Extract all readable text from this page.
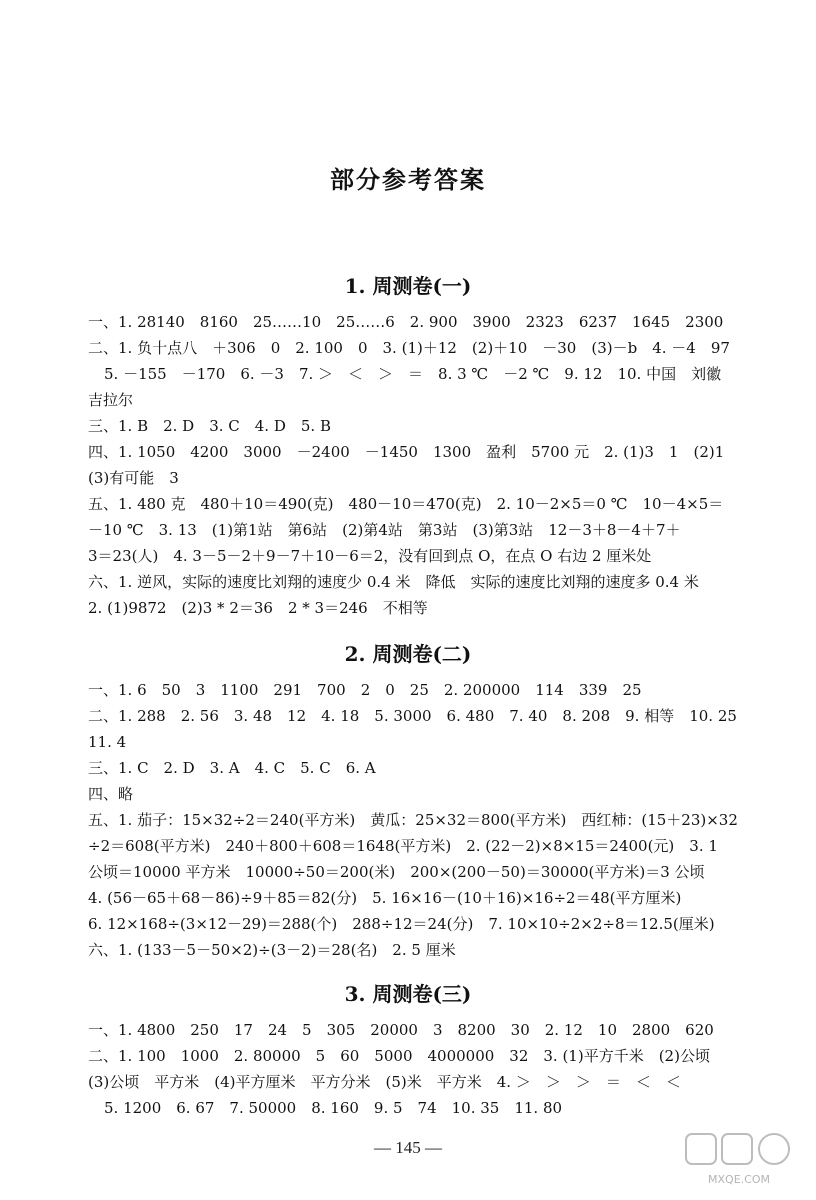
部分参考答案
1. 周测卷(一)
一、1. 28140　8160　25……10　25……6　2. 900　3900　2323　6237　1645　2300
二、1. 负十点八　＋306　0　2. 100　0　3. (1)＋12　(2)＋10　－30　(3)－b　4. －4　97
5. －155　－170　6. －3　7. ＞　＜　＞　＝　8. 3 ℃　－2 ℃　9. 12　10. 中国　刘徽
吉拉尔
三、1. B　2. D　3. C　4. D　5. B
四、1. 1050　4200　3000　－2400　－1450　1300　盈利　5700 元　2. (1)3　1　(2)1
(3)有可能　3
五、1. 480 克　480＋10＝490(克)　480－10＝470(克)　2. 10－2×5＝0 ℃　10－4×5＝
－10 ℃　3. 13　(1)第1站　第6站　(2)第4站　第3站　(3)第3站　12－3＋8－4＋7＋
3＝23(人)　4. 3－5－2＋9－7＋10－6＝2，没有回到点 O，在点 O 右边 2 厘米处
六、1. 逆风，实际的速度比刘翔的速度少 0.4 米　降低　实际的速度比刘翔的速度多 0.4 米
2. (1)9872　(2)3 * 2＝36　2 * 3＝246　不相等
2. 周测卷(二)
一、1. 6　50　3　1100　291　700　2　0　25　2. 200000　114　339　25
二、1. 288　2. 56　3. 48　12　4. 18　5. 3000　6. 480　7. 40　8. 208　9. 相等　10. 25
11. 4
三、1. C　2. D　3. A　4. C　5. C　6. A
四、略
五、1. 茄子：15×32÷2＝240(平方米)　黄瓜：25×32＝800(平方米)　西红柿：(15＋23)×32
÷2＝608(平方米)　240＋800＋608＝1648(平方米)　2. (22－2)×8×15＝2400(元)　3. 1
公顷＝10000 平方米　10000÷50＝200(米)　200×(200－50)＝30000(平方米)＝3 公顷
4. (56－65＋68－86)÷9＋85＝82(分)　5. 16×16－(10＋16)×16÷2＝48(平方厘米)
6. 12×168÷(3×12－29)＝288(个)　288÷12＝24(分)　7. 10×10÷2×2÷8＝12.5(厘米)
六、1. (133－5－50×2)÷(3－2)＝28(名)　2. 5 厘米
3. 周测卷(三)
一、1. 4800　250　17　24　5　305　20000　3　8200　30　2. 12　10　2800　620
二、1. 100　1000　2. 80000　5　60　5000　4000000　32　3. (1)平方千米　(2)公顷
(3)公顷　平方米　(4)平方厘米　平方分米　(5)米　平方米　4. ＞　＞　＞　＝　＜　＜
5. 1200　6. 67　7. 50000　8. 160　9. 5　74　10. 35　11. 80
— 145 —
MXQE.COM
